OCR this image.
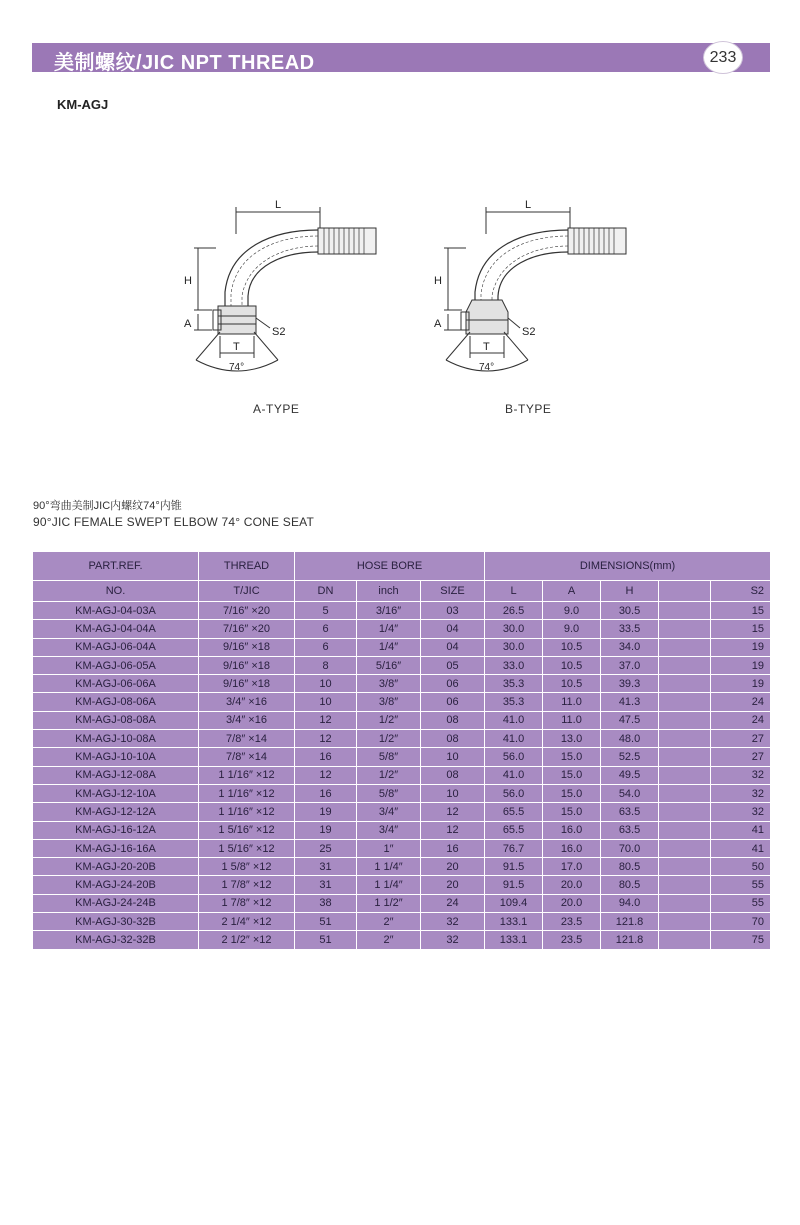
美制螺纹/JIC NPT THREAD	233
KM-AGJ
L
H
A
T
S2
74°
L
H
A
T
S2
74°
A-TYPE	B-TYPE
90°弯曲美制JIC内螺纹74°内锥
90°JIC FEMALE SWEPT ELBOW 74° CONE SEAT
PART.REF.	THREAD	HOSE BORE			DIMENSIONS(mm)				
NO.	T/JIC	DN	inch	SIZE	L	A	H		S2
KM-AGJ-04-03A	7/16″ ×20	5	3/16″	03	26.5	9.0	30.5		15
KM-AGJ-04-04A	7/16″ ×20	6	1/4″	04	30.0	9.0	33.5		15
KM-AGJ-06-04A	9/16″ ×18	6	1/4″	04	30.0	10.5	34.0		19
KM-AGJ-06-05A	9/16″ ×18	8	5/16″	05	33.0	10.5	37.0		19
KM-AGJ-06-06A	9/16″ ×18	10	3/8″	06	35.3	10.5	39.3		19
KM-AGJ-08-06A	3/4″ ×16	10	3/8″	06	35.3	11.0	41.3		24
KM-AGJ-08-08A	3/4″ ×16	12	1/2″	08	41.0	11.0	47.5		24
KM-AGJ-10-08A	7/8″ ×14	12	1/2″	08	41.0	13.0	48.0		27
KM-AGJ-10-10A	7/8″ ×14	16	5/8″	10	56.0	15.0	52.5		27
KM-AGJ-12-08A	1 1/16″ ×12	12	1/2″	08	41.0	15.0	49.5		32
KM-AGJ-12-10A	1 1/16″ ×12	16	5/8″	10	56.0	15.0	54.0		32
KM-AGJ-12-12A	1 1/16″ ×12	19	3/4″	12	65.5	15.0	63.5		32
KM-AGJ-16-12A	1 5/16″ ×12	19	3/4″	12	65.5	16.0	63.5		41
KM-AGJ-16-16A	1 5/16″ ×12	25	1″	16	76.7	16.0	70.0		41
KM-AGJ-20-20B	1 5/8″ ×12	31	1 1/4″	20	91.5	17.0	80.5		50
KM-AGJ-24-20B	1 7/8″ ×12	31	1 1/4″	20	91.5	20.0	80.5		55
KM-AGJ-24-24B	1 7/8″ ×12	38	1 1/2″	24	109.4	20.0	94.0		55
KM-AGJ-30-32B	2 1/4″ ×12	51	2″	32	133.1	23.5	121.8		70
KM-AGJ-32-32B	2 1/2″ ×12	51	2″	32	133.1	23.5	121.8		75
